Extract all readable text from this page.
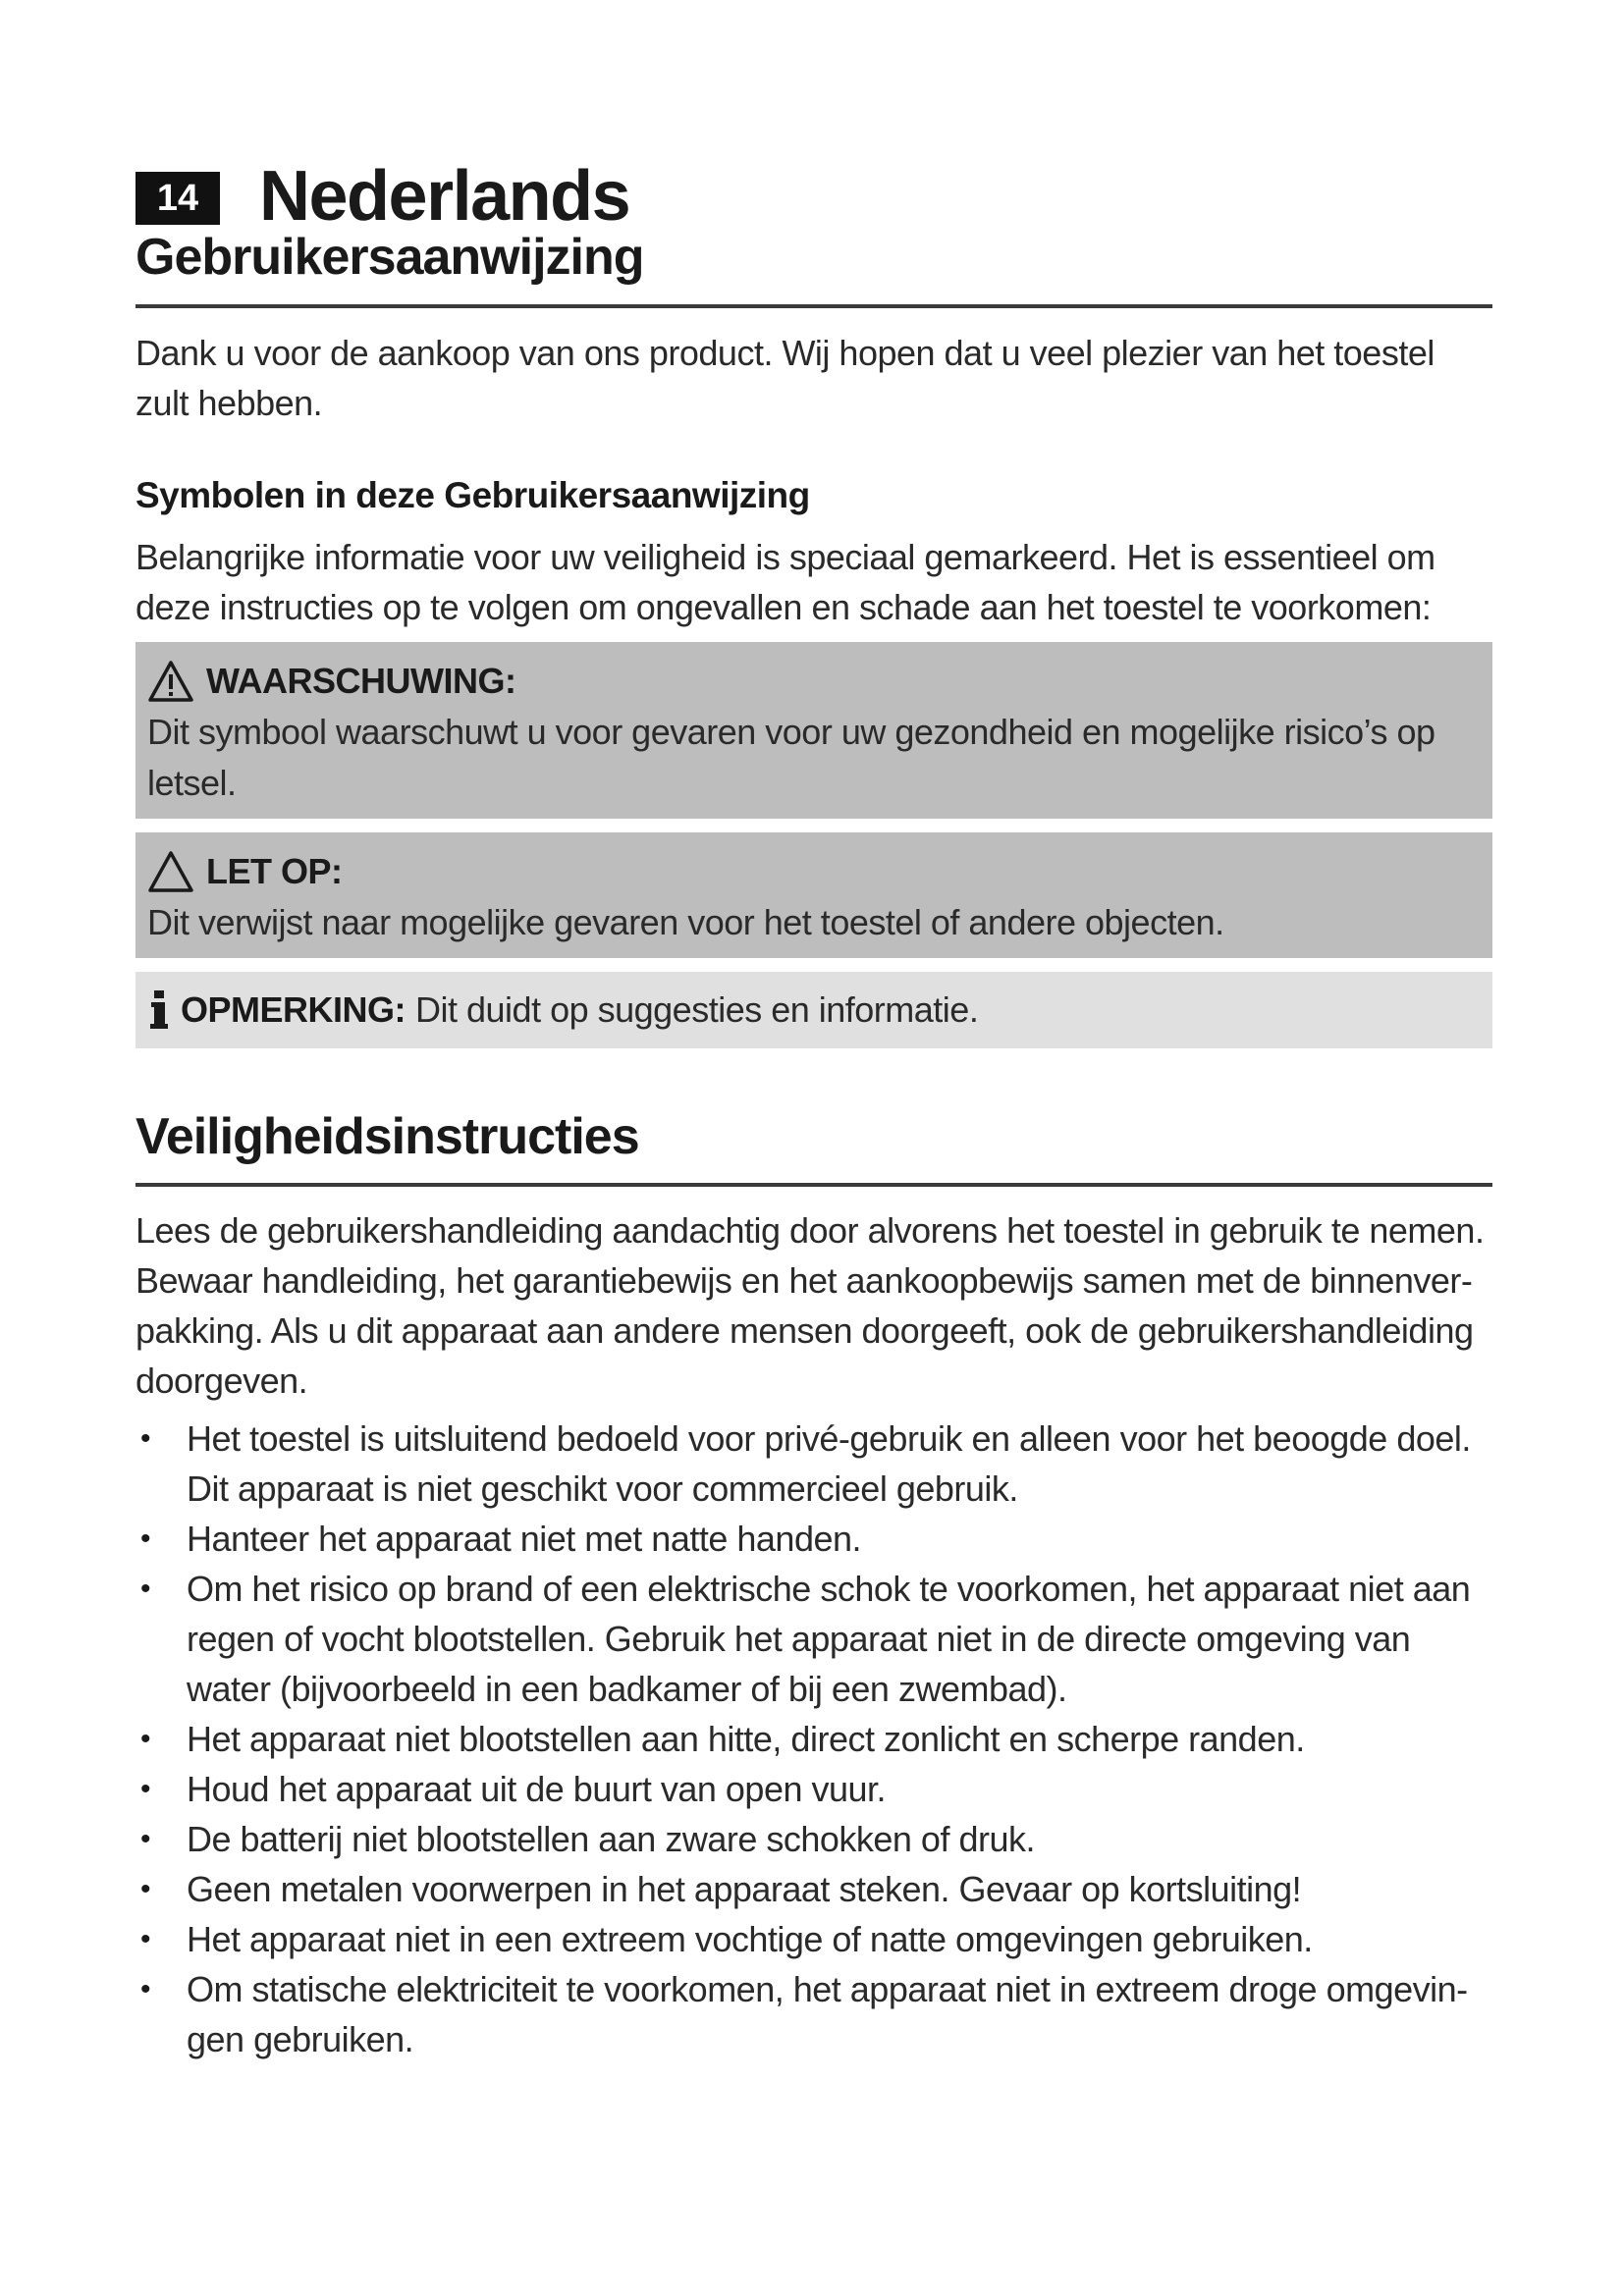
14 Nederlands
Gebruikersaanwijzing
Dank u voor de aankoop van ons product. Wij hopen dat u veel plezier van het toestel zult hebben.
Symbolen in deze Gebruikersaanwijzing
Belangrijke informatie voor uw veiligheid is speciaal gemarkeerd. Het is essentieel om deze instructies op te volgen om ongevallen en schade aan het toestel te voorkomen:
WAARSCHUWING:
Dit symbool waarschuwt u voor gevaren voor uw gezondheid en mogelijke risico’s op letsel.
LET OP:
Dit verwijst naar mogelijke gevaren voor het toestel of andere objecten.
OPMERKING: Dit duidt op suggesties en informatie.
Veiligheidsinstructies
Lees de gebruikershandleiding aandachtig door alvorens het toestel in gebruik te nemen. Bewaar handleiding, het garantiebewijs en het aankoopbewijs samen met de binnenver-pakking. Als u dit apparaat aan andere mensen doorgeeft, ook de gebruikershandleiding doorgeven.
• Het toestel is uitsluitend bedoeld voor privé-gebruik en alleen voor het beoogde doel. Dit apparaat is niet geschikt voor commercieel gebruik.
• Hanteer het apparaat niet met natte handen.
• Om het risico op brand of een elektrische schok te voorkomen, het apparaat niet aan regen of vocht blootstellen. Gebruik het apparaat niet in de directe omgeving van water (bijvoorbeeld in een badkamer of bij een zwembad).
• Het apparaat niet blootstellen aan hitte, direct zonlicht en scherpe randen.
• Houd het apparaat uit de buurt van open vuur.
• De batterij niet blootstellen aan zware schokken of druk.
• Geen metalen voorwerpen in het apparaat steken. Gevaar op kortsluiting!
• Het apparaat niet in een extreem vochtige of natte omgevingen gebruiken.
• Om statische elektriciteit te voorkomen, het apparaat niet in extreem droge omgevin-gen gebruiken.
